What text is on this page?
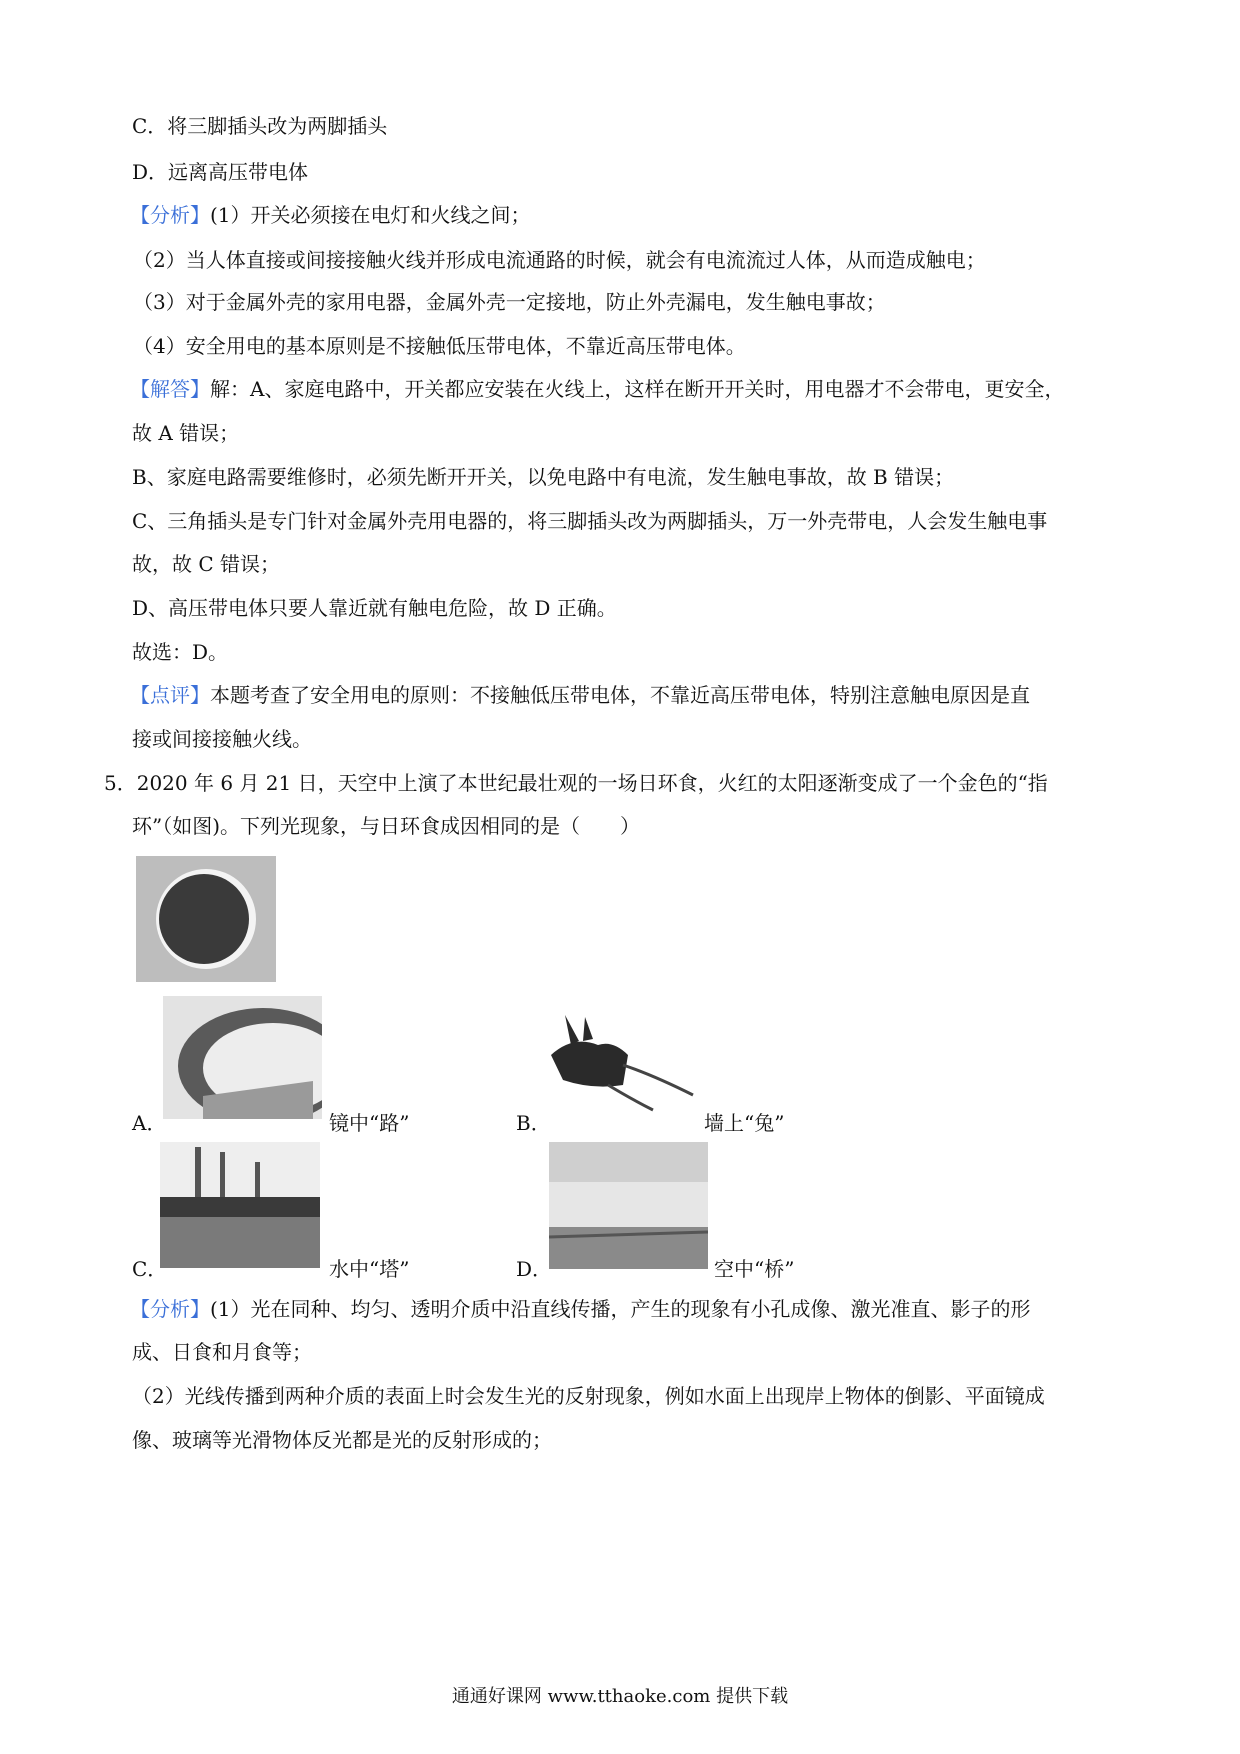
C．将三脚插头改为两脚插头
D．远离高压带电体
【分析】(1）开关必须接在电灯和火线之间；
（2）当人体直接或间接接触火线并形成电流通路的时候，就会有电流流过人体，从而造成触电；
（3）对于金属外壳的家用电器，金属外壳一定接地，防止外壳漏电，发生触电事故；
（4）安全用电的基本原则是不接触低压带电体，不靠近高压带电体。
【解答】解：A、家庭电路中，开关都应安装在火线上，这样在断开开关时，用电器才不会带电，更安全，
故 A 错误；
B、家庭电路需要维修时，必须先断开开关，以免电路中有电流，发生触电事故，故 B 错误；
C、三角插头是专门针对金属外壳用电器的，将三脚插头改为两脚插头，万一外壳带电，人会发生触电事
故，故 C 错误；
D、高压带电体只要人靠近就有触电危险，故 D 正确。
故选：D。
【点评】本题考查了安全用电的原则：不接触低压带电体，不靠近高压带电体，特别注意触电原因是直
接或间接接触火线。
5．2020 年 6 月 21 日，天空中上演了本世纪最壮观的一场日环食，火红的太阳逐渐变成了一个金色的“指
环”（如图)。下列光现象，与日环食成因相同的是（　　）
A．	镜中“路”	B．	墙上“兔”
C．	水中“塔”	D．	空中“桥”
【分析】(1）光在同种、均匀、透明介质中沿直线传播，产生的现象有小孔成像、激光准直、影子的形
成、日食和月食等；
（2）光线传播到两种介质的表面上时会发生光的反射现象，例如水面上出现岸上物体的倒影、平面镜成
像、玻璃等光滑物体反光都是光的反射形成的；
通通好课网 www.tthaoke.com 提供下载
